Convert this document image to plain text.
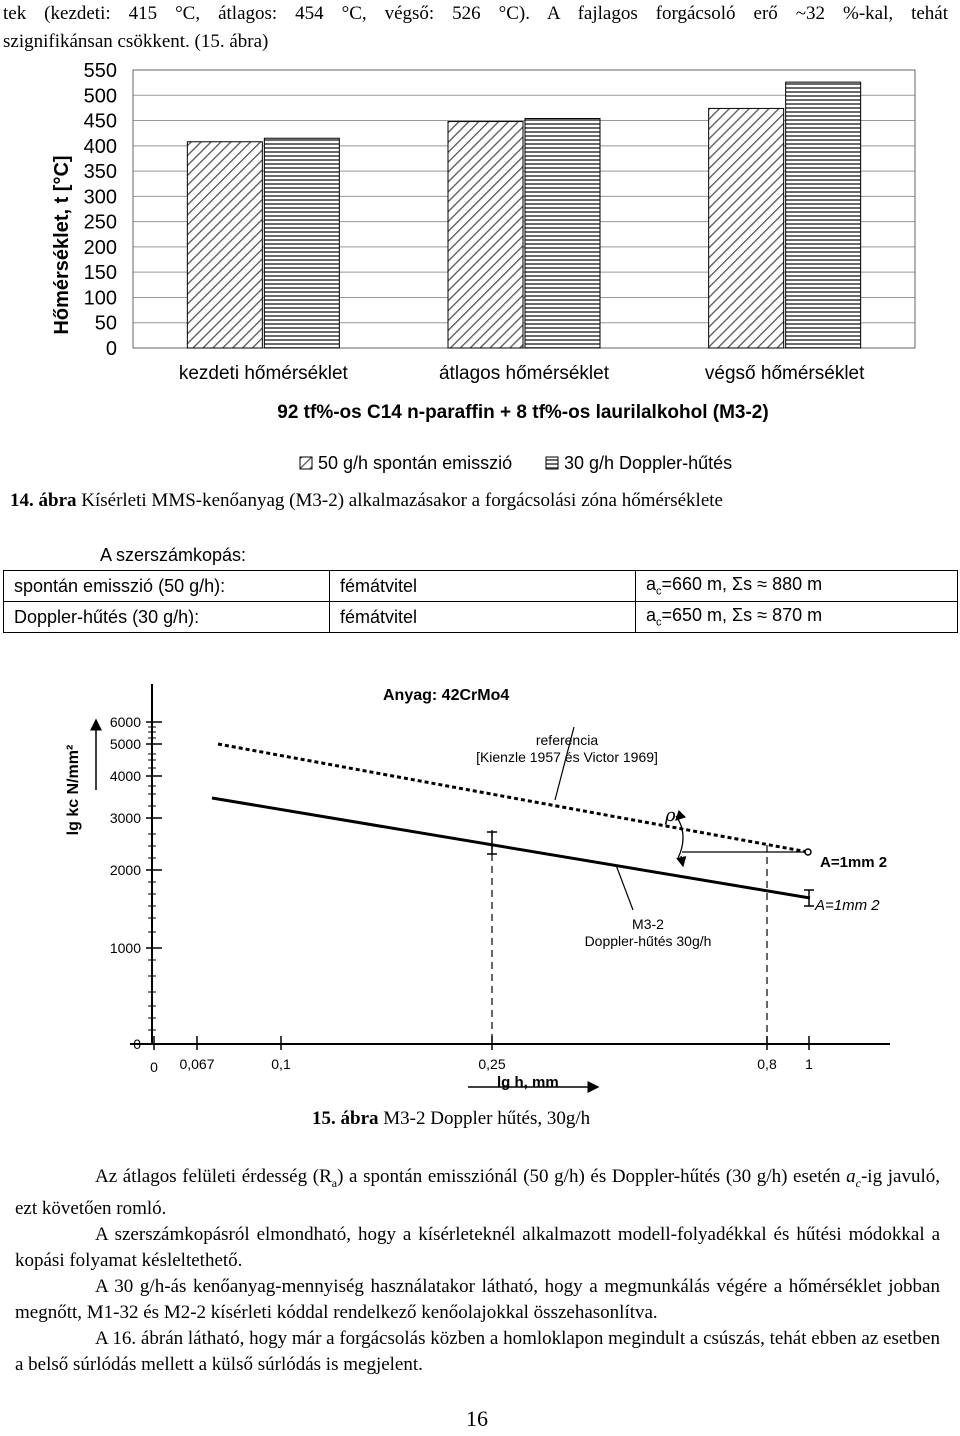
tek (kezdeti: 415 °C, átlagos: 454 °C, végső: 526 °C). A fajlagos forgácsoló erő ~32 %-kal, tehát
szignifikánsan csökkent. (15. ábra)
0
50
100
150
200
250
300
350
400
450
500
550
kezdeti hőmérséklet	átlagos hőmérséklet	végső hőmérséklet
Hőmérséklet, t [°C]
92 tf%-os C14 n-paraffin + 8 tf%-os laurilalkohol (M3-2)
50 g/h spontán emisszió	30 g/h Doppler-hűtés
14. ábra Kísérleti MMS-kenőanyag (M3-2) alkalmazásakor a forgácsolási zóna hőmérséklete
A szerszámkopás:
spontán emisszió (50 g/h):	fémátvitel	$a_c=660$ m, Σs ≈ 880 m
Doppler-hűtés (30 g/h):	fémátvitel	$a_c=650$ m, Σs ≈ 870 m
0
1000
2000
3000
4000
5000
6000
0 0,067	0,1	0,25	0,8 1
Anyag: 42CrMo4
referencia
[Kienzle 1957 és Victor 1969]
ρ
A=1mm 2
A=1mm 2
M3-2
Doppler-hűtés 30g/h
lg kc N/mm²
lg h, mm
15. ábra M3-2 Doppler hűtés, 30g/h

Az átlagos felületi érdesség $(R_a)$ a spontán emissziónál (50 g/h) és Doppler-hűtés (30 g/h) esetén $a_c-ig$ javuló, ezt követően romló.

A szerszámkopásról elmondható, hogy a kísérleteknél alkalmazott modell-folyadékkal és hűtési módokkal a kopási folyamat késleltethető.

A 30 g/h-ás kenőanyag-mennyiség használatakor látható, hogy a megmunkálás végére a hőmérséklet jobban megnőtt, M1-32 és M2-2 kísérleti kóddal rendelkező kenőolajokkal összehasonlítva.

A 16. ábrán látható, hogy már a forgácsolás közben a homloklapon megindult a csúszás, tehát ebben az esetben a belső súrlódás mellett a külső súrlódás is megjelent.

16
